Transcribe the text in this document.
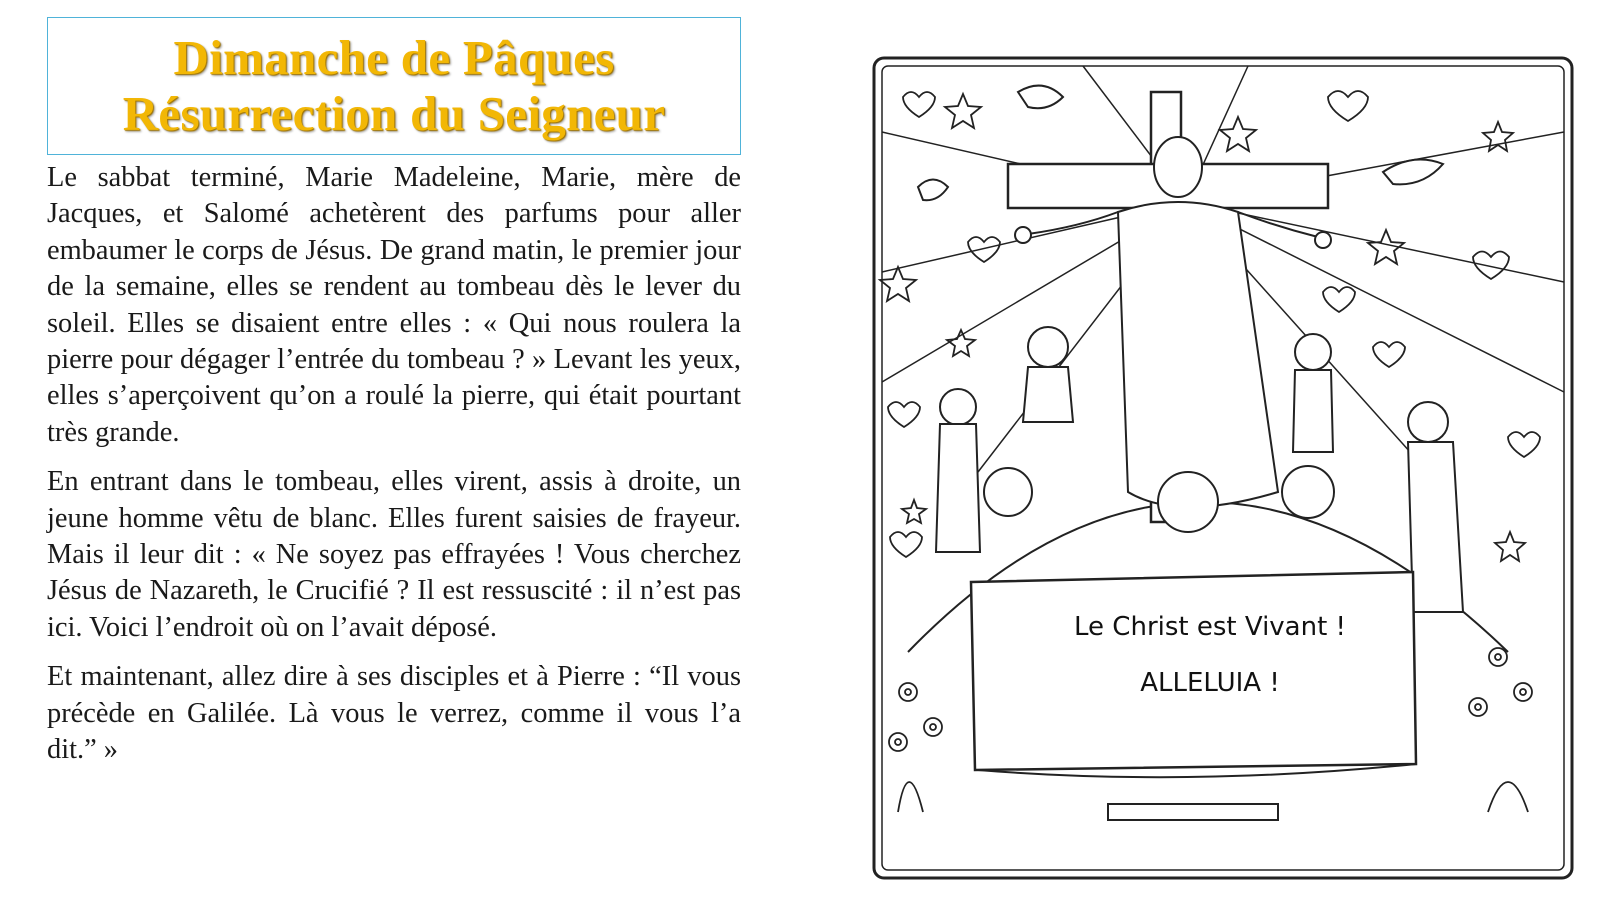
Dimanche de Pâques
Résurrection du Seigneur

Le sabbat terminé, Marie Madeleine, Marie, mère de Jacques, et Salomé achetèrent des parfums pour aller embaumer le corps de Jésus. De grand matin, le premier jour de la semaine, elles se rendent au tombeau dès le lever du soleil. Elles se disaient entre elles : « Qui nous roulera la pierre pour dégager l’entrée du tombeau ? » Levant les yeux, elles s’aperçoivent qu’on a roulé la pierre, qui était pourtant très grande.

En entrant dans le tombeau, elles virent, assis à droite, un jeune homme vêtu de blanc. Elles furent saisies de frayeur. Mais il leur dit : « Ne soyez pas effrayées ! Vous cherchez Jésus de Nazareth, le Crucifié ? Il est ressuscité : il n’est pas ici. Voici l’endroit où on l’avait déposé.

Et maintenant, allez dire à ses disciples et à Pierre : “Il vous précède en Galilée. Là vous le verrez, comme il vous l’a dit.” »

Le Christ est Vivant !
ALLELUIA !
